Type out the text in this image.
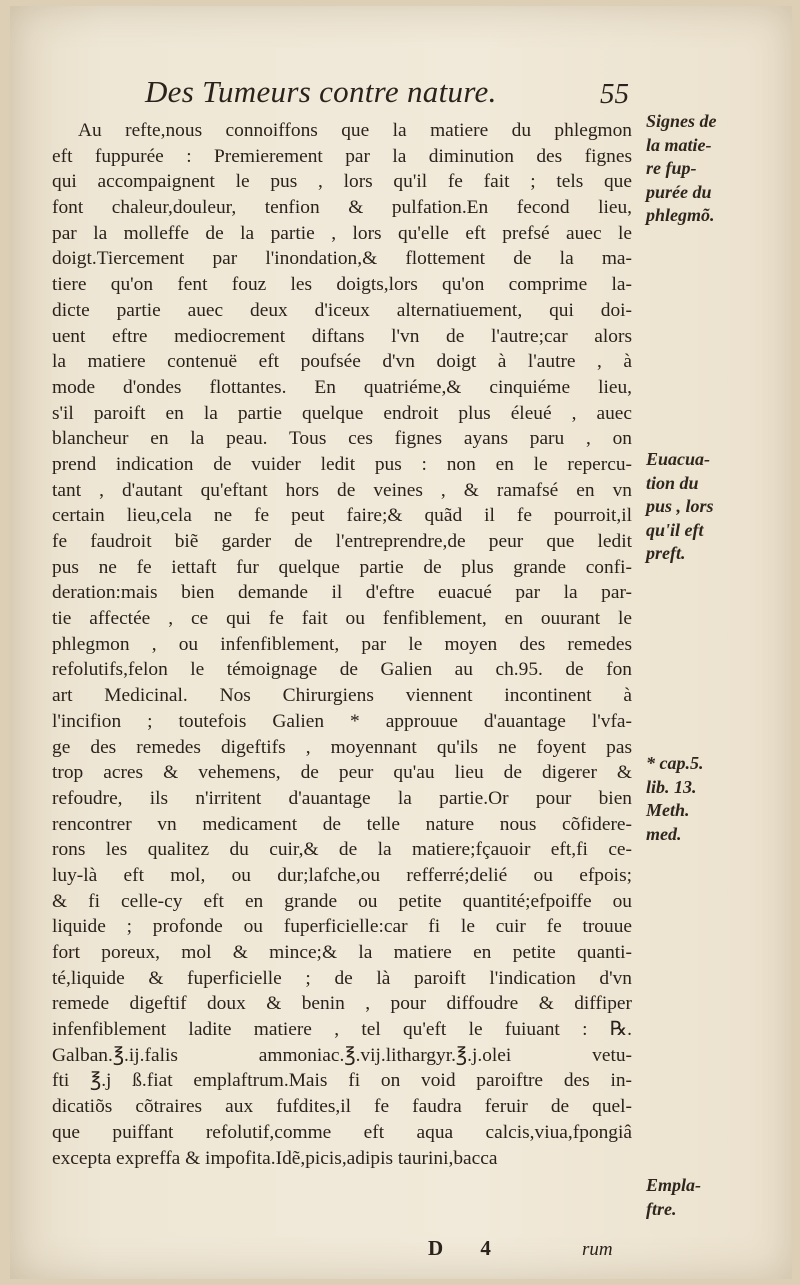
Des Tumeurs contre nature.	55
Au refte,nous connoiffons que la matiere du phlegmon
eft fuppurée : Premierement par la diminution des fignes
qui accompaignent le pus , lors qu'il fe fait ; tels que
font chaleur,douleur, tenfion & pulfation.En fecond lieu,
par la molleffe de la partie , lors qu'elle eft prefsé auec le
doigt.Tiercement par l'inondation,& flottement de la ma-
tiere qu'on fent fouz les doigts,lors qu'on comprime la-
dicte partie auec deux d'iceux alternatiuement, qui doi-
uent eftre mediocrement diftans l'vn de l'autre;car alors
la matiere contenuë eft poufsée d'vn doigt à l'autre , à
mode d'ondes flottantes. En quatriéme,& cinquiéme lieu,
s'il paroift en la partie quelque endroit plus éleué , auec
blancheur en la peau. Tous ces fignes ayans paru , on
prend indication de vuider ledit pus : non en le repercu-
tant , d'autant qu'eftant hors de veines , & ramafsé en vn
certain lieu,cela ne fe peut faire;& quãd il fe pourroit,il
fe faudroit biẽ garder de l'entreprendre,de peur que ledit
pus ne fe iettaft fur quelque partie de plus grande confi-
deration:mais bien demande il d'eftre euacué par la par-
tie affectée , ce qui fe fait ou fenfiblement, en ouurant le
phlegmon , ou infenfiblement, par le moyen des remedes
refolutifs,felon le témoignage de Galien au ch.95. de fon
art Medicinal. Nos Chirurgiens viennent incontinent à
l'incifion ; toutefois Galien * approuue d'auantage l'vfa-
ge des remedes digeftifs , moyennant qu'ils ne foyent pas
trop acres & vehemens, de peur qu'au lieu de digerer &
refoudre, ils n'irritent d'auantage la partie.Or pour bien
rencontrer vn medicament de telle nature nous cõfidere-
rons les qualitez du cuir,& de la matiere;fçauoir eft,fi ce-
luy-là eft mol, ou dur;lafche,ou refferré;delié ou efpois;
& fi celle-cy eft en grande ou petite quantité;efpoiffe ou
liquide ; profonde ou fuperficielle:car fi le cuir fe trouue
fort poreux, mol & mince;& la matiere en petite quanti-
té,liquide & fuperficielle ; de là paroift l'indication d'vn
remede digeftif doux & benin , pour diffoudre & diffiper
infenfiblement ladite matiere , tel qu'eft le fuiuant : ℞.
Galban.℥.ij.falis ammoniac.℥.vij.lithargyr.℥.j.olei vetu-
fti ℥.j ß.fiat emplaftrum.Mais fi on void paroiftre des in-
dicatiõs cõtraires aux fufdites,il fe faudra feruir de quel-
que puiffant refolutif,comme eft aqua calcis,viua,fpongiâ
excepta expreffa & impofita.Idẽ,picis,adipis taurini,bacca
Signes de
la matie-
re fup-
purée du
phlegmõ.
Euacua-
tion du
pus , lors
qu'il eft
preft.
* cap.5.
lib. 13.
Meth.
med.
Empla-
ftre.
D 4	rum
